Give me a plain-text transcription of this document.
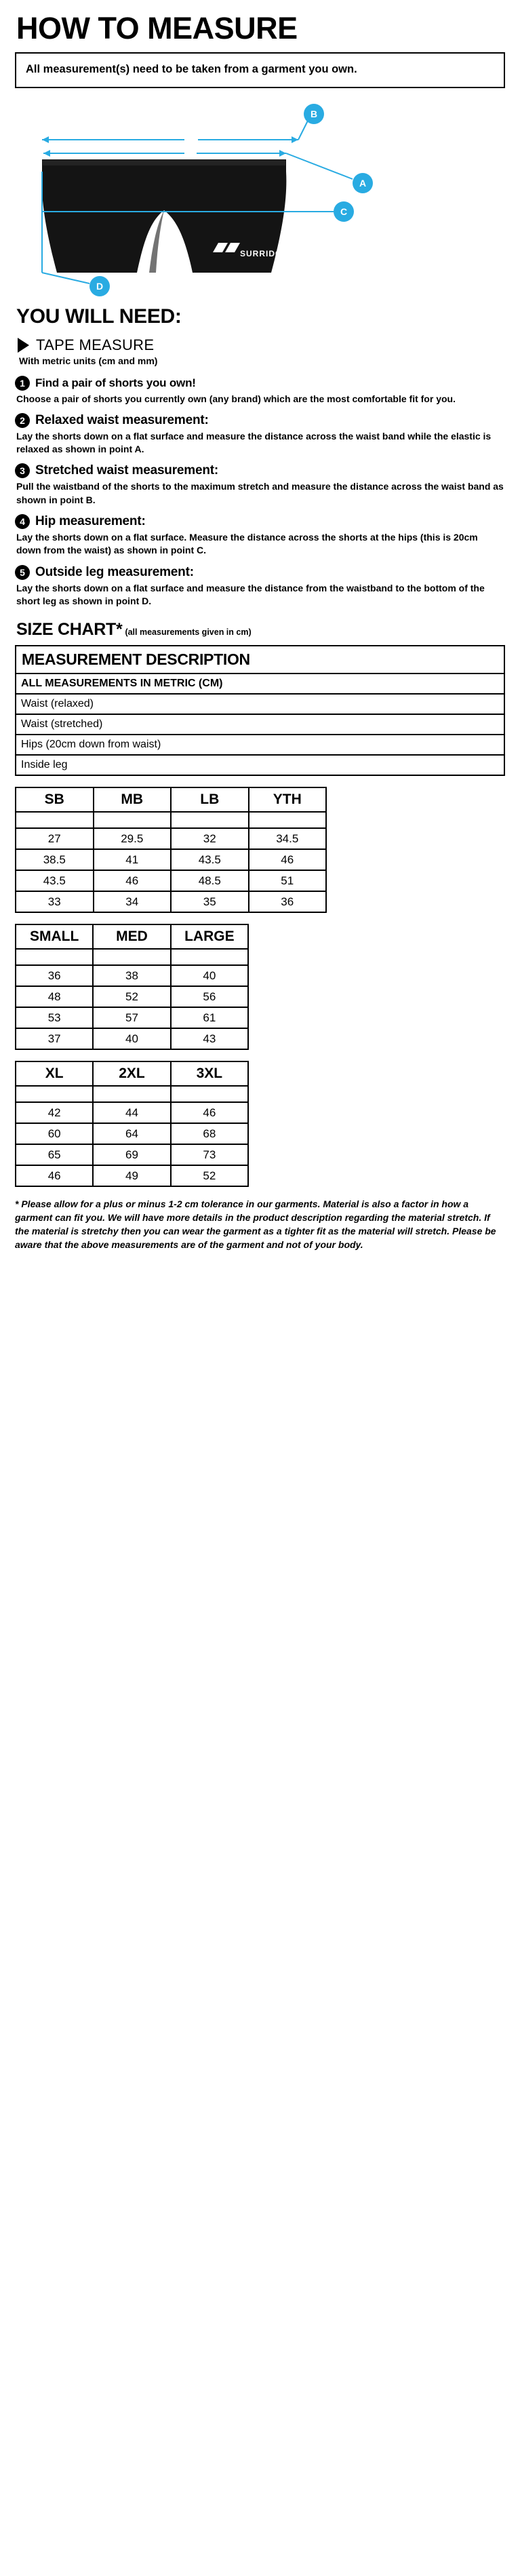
HOW TO MEASURE
All measurement(s) need to be taken from a garment you own.
SURRIDGE
B
A
C
D
YOU WILL NEED:
TAPE MEASURE
With metric units (cm and mm)
1 Find a pair of shorts you own!
Choose a pair of shorts you currently own (any brand) which are the most comfortable fit for you.
2 Relaxed waist measurement:
Lay the shorts down on a flat surface and measure the distance across the waist band while the elastic is relaxed as shown in point A.
3 Stretched waist measurement:
Pull the waistband of the shorts to the maximum stretch and measure the distance across the waist band as shown in point B.
4 Hip measurement:
Lay the shorts down on a flat surface. Measure the distance across the shorts at the hips (this is 20cm down from the waist) as shown in point C.
5 Outside leg measurement:
Lay the shorts down on a flat surface and measure the distance from the waistband to the bottom of the short leg as shown in point D.
SIZE CHART* (all measurements given in cm)
MEASUREMENT DESCRIPTION
ALL MEASUREMENTS IN METRIC (CM)
Waist (relaxed)
Waist (stretched)
Hips (20cm down from waist)
Inside leg
SB	MB	LB	YTH

27	29.5	32	34.5
38.5	41	43.5	46
43.5	46	48.5	51
33	34	35	36
SMALL	MED	LARGE

36	38	40
48	52	56
53	57	61
37	40	43
XL	2XL	3XL

42	44	46
60	64	68
65	69	73
46	49	52
* Please allow for a plus or minus 1-2 cm tolerance in our garments. Material is also a factor in how a garment can fit you. We will have more details in the product description regarding the material stretch. If the material is stretchy then you can wear the garment as a tighter fit as the material will stretch. Please be aware that the above measurements are of the garment and not of your body.
